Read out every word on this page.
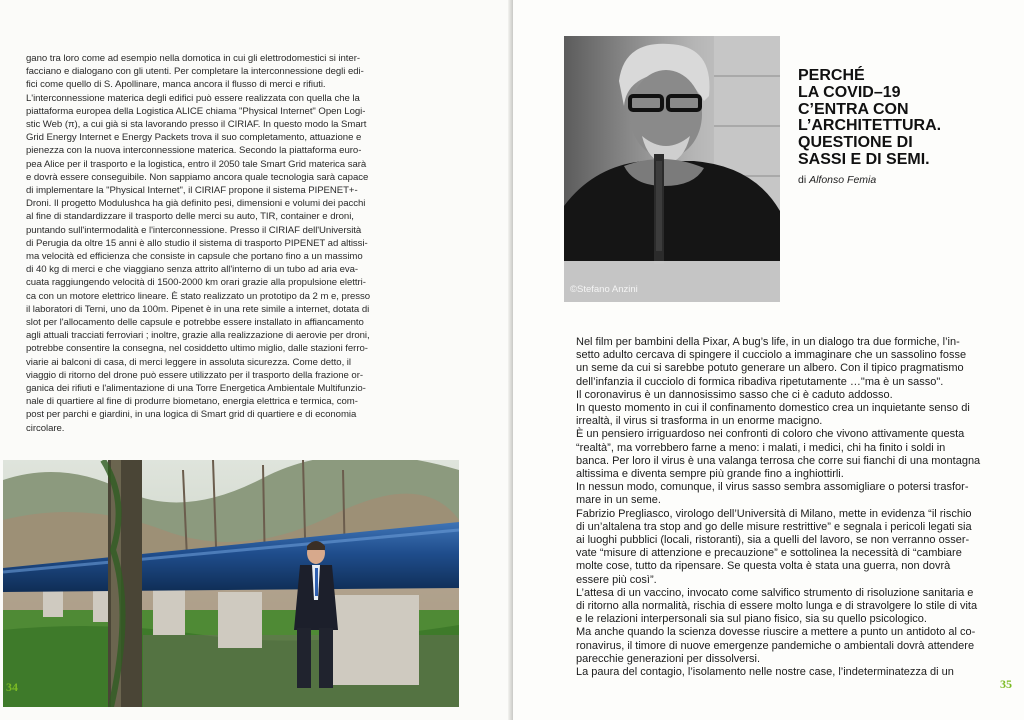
gano tra loro come ad esempio nella domotica in cui gli elettrodomestici si inter-

facciano e dialogano con gli utenti. Per completare la interconnessione degli edi-

fici come quello di S. Apollinare, manca ancora il flusso di merci e rifiuti.

L'interconnessione materica degli edifici può essere realizzata con quella che la

piattaforma europea della Logistica ALICE chiama "Physical Internet" Open Logi-

stic Web (π), a cui già si sta lavorando presso il CIRIAF. In questo modo la Smart

Grid Energy Internet e Energy Packets trova il suo completamento, attuazione e

pienezza con la nuova interconnessione materica. Secondo la piattaforma euro-

pea Alice per il trasporto e la logistica, entro il 2050 tale Smart Grid materica sarà

e dovrà essere conseguibile. Non sappiamo ancora quale tecnologia sarà capace

di implementare la "Physical Internet", il CIRIAF propone il sistema PIPENET+-

Droni. Il progetto Modulushca ha già definito pesi, dimensioni e volumi dei pacchi

al fine di standardizzare il trasporto delle merci su auto, TIR, container e droni,

puntando sull'intermodalità e l'interconnessione. Presso il CIRIAF dell'Università

di Perugia da oltre 15 anni è allo studio il sistema di trasporto PIPENET ad altissi-

ma velocità ed efficienza che consiste in capsule che portano fino a un massimo

di 40 kg di merci e che viaggiano senza attrito all'interno di un tubo ad aria eva-

cuata raggiungendo velocità di 1500-2000 km orari grazie alla propulsione elettri-

ca con un motore elettrico lineare. È stato realizzato un prototipo da 2 m e, presso

il laboratori di Terni, uno da 100m. Pipenet è in una rete simile a internet, dotata di

slot per l'allocamento delle capsule e potrebbe essere installato in affiancamento

agli attuali tracciati ferroviari ; inoltre, grazie alla realizzazione di aerovie per droni,

potrebbe consentire la consegna, nel cosiddetto ultimo miglio, dalle stazioni ferro-

viarie ai balconi di casa, di merci leggere in assoluta sicurezza. Come detto, il

viaggio di ritorno del drone può essere utilizzato per il trasporto della frazione or-

ganica dei rifiuti e l'alimentazione di una Torre Energetica Ambientale Multifunzio-

nale di quartiere al fine di produrre biometano, energia elettrica e termica, com-

post per parchi e giardini, in una logica di Smart grid di quartiere e di economia

circolare.

34
©Stefano Anzini
PERCHÉ
LA COVID–19
C’ENTRA CON
L’ARCHITETTURA.
QUESTIONE DI
SASSI E DI SEMI.
di Alfonso Femia

Nel film per bambini della Pixar, A bug’s life, in un dialogo tra due formiche, l’in-

setto adulto cercava di spingere il cucciolo a immaginare che un sassolino fosse

un seme da cui si sarebbe potuto generare un albero. Con il tipico pragmatismo

dell’infanzia il cucciolo di formica ribadiva ripetutamente …"ma è un sasso".

Il coronavirus è un dannosissimo sasso che ci è caduto addosso.

In questo momento in cui il confinamento domestico crea un inquietante senso di

irrealtà, il virus si trasforma in un enorme macigno.

È un pensiero irriguardoso nei confronti di coloro che vivono attivamente questa

“realtà”, ma vorrebbero farne a meno: i malati, i medici, chi ha finito i soldi in

banca. Per loro il virus è una valanga terrosa che corre sui fianchi di una montagna

altissima e diventa sempre più grande fino a inghiottirli.

In nessun modo, comunque, il virus sasso sembra assomigliare o potersi trasfor-

mare in un seme.

Fabrizio Pregliasco, virologo dell’Università di Milano, mette in evidenza “il rischio

di un’altalena tra stop and go delle misure restrittive” e segnala i pericoli legati sia

ai luoghi pubblici (locali, ristoranti), sia a quelli del lavoro, se non verranno osser-

vate “misure di attenzione e precauzione” e sottolinea la necessità di “cambiare

molte cose, tutto da ripensare. Se questa volta è stata una guerra, non dovrà

essere più così”.

L’attesa di un vaccino, invocato come salvifico strumento di risoluzione sanitaria e

di ritorno alla normalità, rischia di essere molto lunga e di stravolgere lo stile di vita

e le relazioni interpersonali sia sul piano fisico, sia su quello psicologico.

Ma anche quando la scienza dovesse riuscire a mettere a punto un antidoto al co-

ronavirus, il timore di nuove emergenze pandemiche o ambientali dovrà attendere

parecchie generazioni per dissolversi.

La paura del contagio, l’isolamento nelle nostre case, l’indeterminatezza di un

35
